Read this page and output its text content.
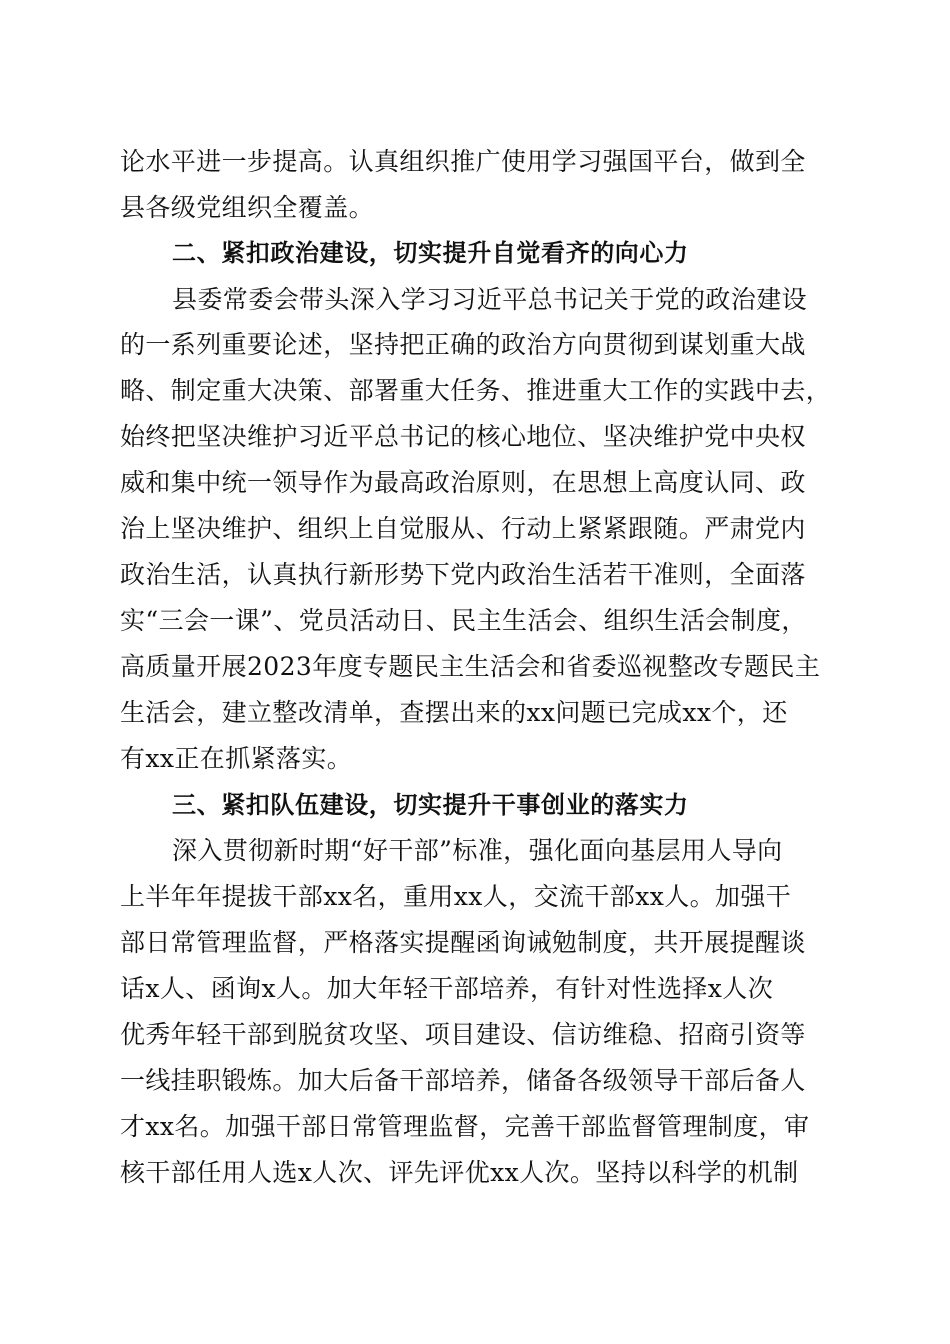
论水平进一步提高。认真组织推广使用学习强国平台，做到全
县各级党组织全覆盖。
二、紧扣政治建设，切实提升自觉看齐的向心力
县委常委会带头深入学习习近平总书记关于党的政治建设
的一系列重要论述，坚持把正确的政治方向贯彻到谋划重大战
略、制定重大决策、部署重大任务、推进重大工作的实践中去，
始终把坚决维护习近平总书记的核心地位、坚决维护党中央权
威和集中统一领导作为最高政治原则，在思想上高度认同、政
治上坚决维护、组织上自觉服从、行动上紧紧跟随。严肃党内
政治生活，认真执行新形势下党内政治生活若干准则，全面落
实“三会一课”、党员活动日、民主生活会、组织生活会制度，
高质量开展2023年度专题民主生活会和省委巡视整改专题民主
生活会，建立整改清单，查摆出来的xx问题已完成xx个，还
有xx正在抓紧落实。
三、紧扣队伍建设，切实提升干事创业的落实力
深入贯彻新时期“好干部”标准，强化面向基层用人导向
上半年年提拔干部xx名，重用xx人，交流干部xx人。加强干
部日常管理监督，严格落实提醒函询诫勉制度，共开展提醒谈
话x人、函询x人。加大年轻干部培养，有针对性选择x人次
优秀年轻干部到脱贫攻坚、项目建设、信访维稳、招商引资等
一线挂职锻炼。加大后备干部培养，储备各级领导干部后备人
才xx名。加强干部日常管理监督，完善干部监督管理制度，审
核干部任用人选x人次、评先评优xx人次。坚持以科学的机制
